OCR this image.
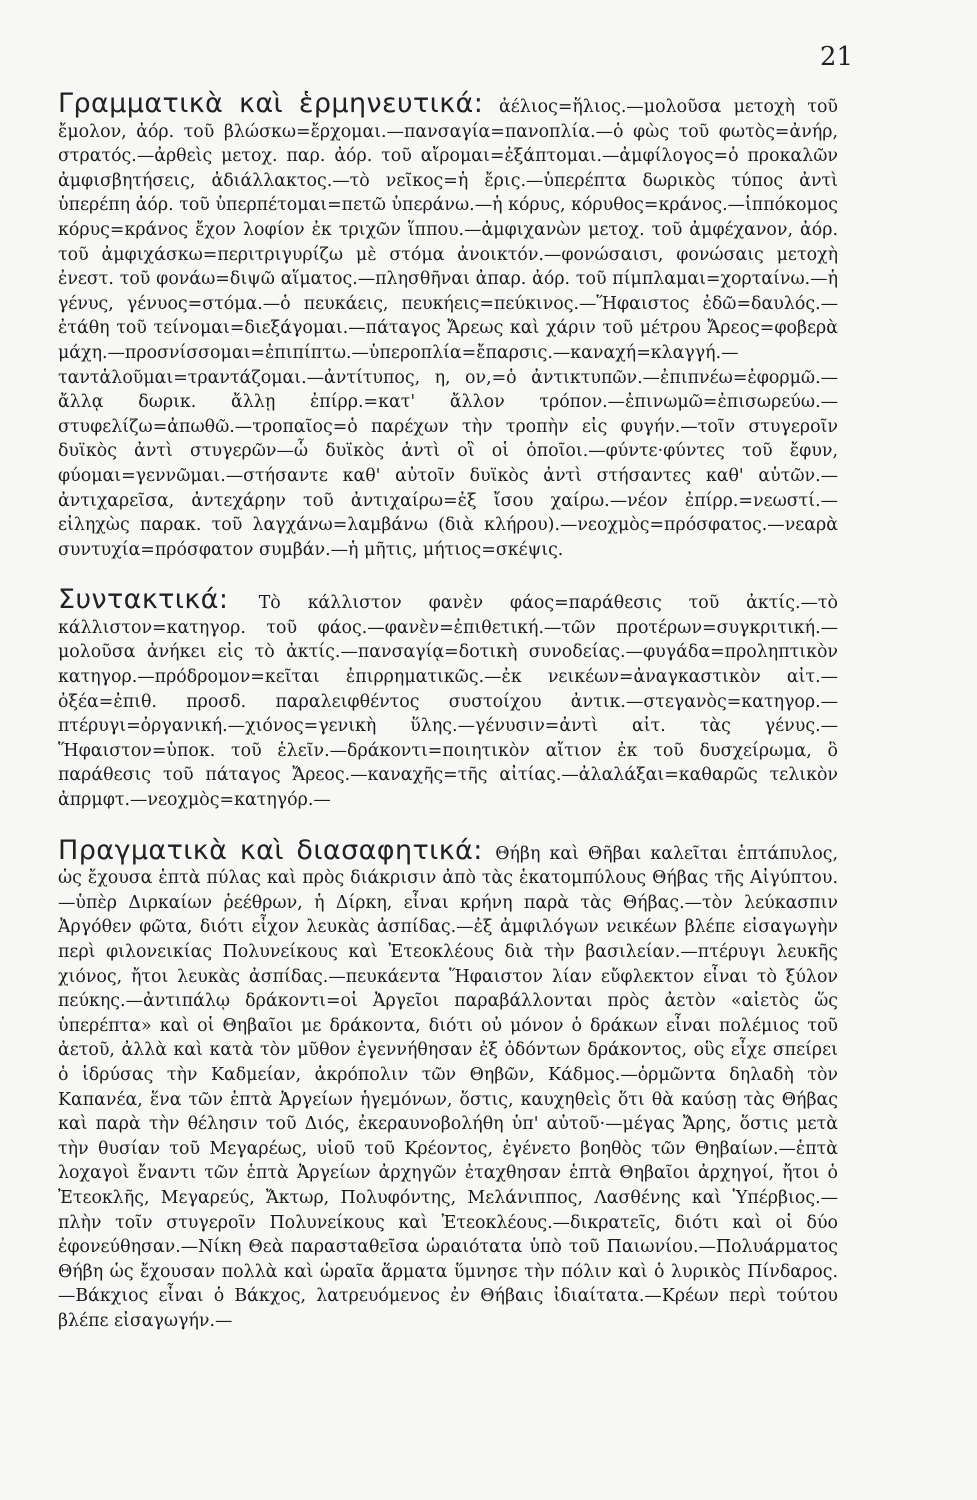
21

Γραμματικὰ καὶ ἑρμηνευτικά: ἀέλιος=ἥλιος.—μολοῦσα μετοχὴ τοῦ ἔμολον, ἀόρ. τοῦ βλώσκω=ἔρχομαι.—πανσαγία=πανοπλία.—ὁ φὼς τοῦ φωτὸς=ἀνήρ, στρατός.—ἀρθεὶς μετοχ. παρ. ἀόρ. τοῦ αἴρομαι=ἐξάπτομαι.—ἀμφίλογος=ὁ προκαλῶν ἀμφισβητήσεις, ἀδιάλλακτος.—τὸ νεῖκος=ἡ ἔρις.—ὑπερέπτα δωρικὸς τύπος ἀντὶ ὑπερέπη ἀόρ. τοῦ ὑπερπέτομαι=πετῶ ὑπεράνω.—ἡ κόρυς, κόρυθος=κράνος.—ἱππόκομος κόρυς=κράνος ἔχον λοφίον ἐκ τριχῶν ἵππου.—ἀμφιχανὼν μετοχ. τοῦ ἀμφέχανον, ἀόρ. τοῦ ἀμφιχάσκω=περιτριγυρίζω μὲ στόμα ἀνοικτόν.—φονώσαισι, φονώσαις μετοχὴ ἐνεστ. τοῦ φονάω=διψῶ αἵματος.—πλησθῆναι ἀπαρ. ἀόρ. τοῦ πίμπλαμαι=χορταίνω.—ἡ γένυς, γένυος=στόμα.—ὁ πευκάεις, πευκήεις=πεύκινος.—Ἥφαιστος ἐδῶ=δαυλός.—ἐτάθη τοῦ τείνομαι=διεξάγομαι.—πάταγος Ἄρεως καὶ χάριν τοῦ μέτρου Ἄρεος=φοβερὰ μάχη.—προσνίσσομαι=ἐπιπίπτω.—ὑπεροπλία=ἔπαρσις.—καναχή=κλαγγή.—ταντἁλοῦμαι=τραντάζομαι.—ἀντίτυπος, η, ον,=ὁ ἀντικτυπῶν.—ἐπιπνέω=ἐφορμῶ.—ἄλλᾳ δωρικ. ἄλλῃ ἐπίρρ.=κατ' ἄλλον τρόπον.—ἐπινωμῶ=ἐπισωρεύω.—στυφελίζω=ἀπωθῶ.—τροπαῖος=ὁ παρέχων τὴν τροπὴν εἰς φυγήν.—τοῖν στυγεροῖν δυϊκὸς ἀντὶ στυγερῶν—ὧ δυϊκὸς ἀντὶ οἳ οἱ ὁποῖοι.—φύντε·φύντες τοῦ ἔφυν, φύομαι=γεννῶμαι.—στήσαντε καθ' αὐτοῖν δυϊκὸς ἀντὶ στήσαντες καθ' αὑτῶν.—ἀντιχαρεῖσα, ἀντεχάρην τοῦ ἀντιχαίρω=ἐξ ἴσου χαίρω.—νέον ἐπίρρ.=νεωστί.—εἰληχὼς παρακ. τοῦ λαγχάνω=λαμβάνω (διὰ κλήρου).—νεοχμὸς=πρόσφατος.—νεαρὰ συντυχία=πρόσφατον συμβάν.—ἡ μῆτις, μήτιος=σκέψις.

Συντακτικά: Τὸ κάλλιστον φανὲν φάος=παράθεσις τοῦ ἀκτίς.—τὸ κάλλιστον=κατηγορ. τοῦ φάος.—φανὲν=ἐπιθετική.—τῶν προτέρων=συγκριτική.—μολοῦσα ἀνήκει εἰς τὸ ἀκτίς.—πανσαγίᾳ=δοτικὴ συνοδείας.—φυγάδα=προληπτικὸν κατηγορ.—πρόδρομον=κεῖται ἐπιρρηματικῶς.—ἐκ νεικέων=ἀναγκαστικὸν αἰτ.—ὀξέα=ἐπιθ. προσδ. παραλειφθέντος συστοίχου ἀντικ.—στεγανὸς=κατηγορ.—πτέρυγι=ὀργανική.—χιόνος=γενικὴ ὕλης.—γένυσιν=ἀντὶ αἰτ. τὰς γένυς.—Ἥφαιστον=ὑποκ. τοῦ ἑλεῖν.—δράκοντι=ποιητικὸν αἴτιον ἐκ τοῦ δυσχείρωμα, ὃ παράθεσις τοῦ πάταγος Ἄρεος.—καναχῆς=τῆς αἰτίας.—ἀλαλάξαι=καθαρῶς τελικὸν ἀπρμφτ.—νεοχμὸς=κατηγόρ.—

Πραγματικὰ καὶ διασαφητικά: Θήβη καὶ Θῆβαι καλεῖται ἑπτάπυλος, ὡς ἔχουσα ἑπτὰ πύλας καὶ πρὸς διάκρισιν ἀπὸ τὰς ἑκατομπύλους Θήβας τῆς Αἰγύπτου.—ὑπὲρ Διρκαίων ῥεέθρων, ἡ Δίρκη, εἶναι κρήνη παρὰ τὰς Θήβας.—τὸν λεύκασπιν Ἀργόθεν φῶτα, διότι εἶχον λευκὰς ἀσπίδας.—ἐξ ἀμφιλόγων νεικέων βλέπε εἰσαγωγὴν περὶ φιλονεικίας Πολυνείκους καὶ Ἐτεοκλέους διὰ τὴν βασιλείαν.—πτέρυγι λευκῆς χιόνος, ἤτοι λευκὰς ἀσπίδας.—πευκάεντα Ἥφαιστον λίαν εὔφλεκτον εἶναι τὸ ξύλον πεύκης.—ἀντιπάλῳ δράκοντι=οἱ Ἀργεῖοι παραβάλλονται πρὸς ἀετὸν «αἰετὸς ὥς ὑπερέπτα» καὶ οἱ Θηβαῖοι με δράκοντα, διότι οὐ μόνον ὁ δράκων εἶναι πολέμιος τοῦ ἀετοῦ, ἀλλὰ καὶ κατὰ τὸν μῦθον ἐγεννήθησαν ἐξ ὀδόντων δράκοντος, οὓς εἶχε σπείρει ὁ ἱδρύσας τὴν Καδμείαν, ἀκρόπολιν τῶν Θηβῶν, Κάδμος.—ὁρμῶντα δηλαδὴ τὸν Καπανέα, ἕνα τῶν ἑπτὰ Ἀργείων ἡγεμόνων, ὅστις, καυχηθεὶς ὅτι θὰ καύσῃ τὰς Θήβας καὶ παρὰ τὴν θέλησιν τοῦ Διός, ἐκεραυνοβολήθη ὑπ' αὐτοῦ·—μέγας Ἄρης, ὅστις μετὰ τὴν θυσίαν τοῦ Μεγαρέως, υἱοῦ τοῦ Κρέοντος, ἐγένετο βοηθὸς τῶν Θηβαίων.—ἑπτὰ λοχαγοὶ ἔναντι τῶν ἑπτὰ Ἀργείων ἀρχηγῶν ἐταχθησαν ἑπτὰ Θηβαῖοι ἀρχηγοί, ἤτοι ὁ Ἐτεοκλῆς, Μεγαρεύς, Ἄκτωρ, Πολυφόντης, Μελάνιππος, Λασθένης καὶ Ὑπέρβιος.—πλὴν τοῖν στυγεροῖν Πολυνείκους καὶ Ἐτεοκλέους.—δικρατεῖς, διότι καὶ οἱ δύο ἐφονεύθησαν.—Νίκη Θεὰ παρασταθεῖσα ὡραιότατα ὑπὸ τοῦ Παιωνίου.—Πολυάρματος Θήβη ὡς ἔχουσαν πολλὰ καὶ ὡραῖα ἅρματα ὕμνησε τὴν πόλιν καὶ ὁ λυρικὸς Πίνδαρος.—Βάκχιος εἶναι ὁ Βάκχος, λατρευόμενος ἐν Θήβαις ἰδιαίτατα.—Κρέων περὶ τούτου βλέπε εἰσαγωγήν.—
